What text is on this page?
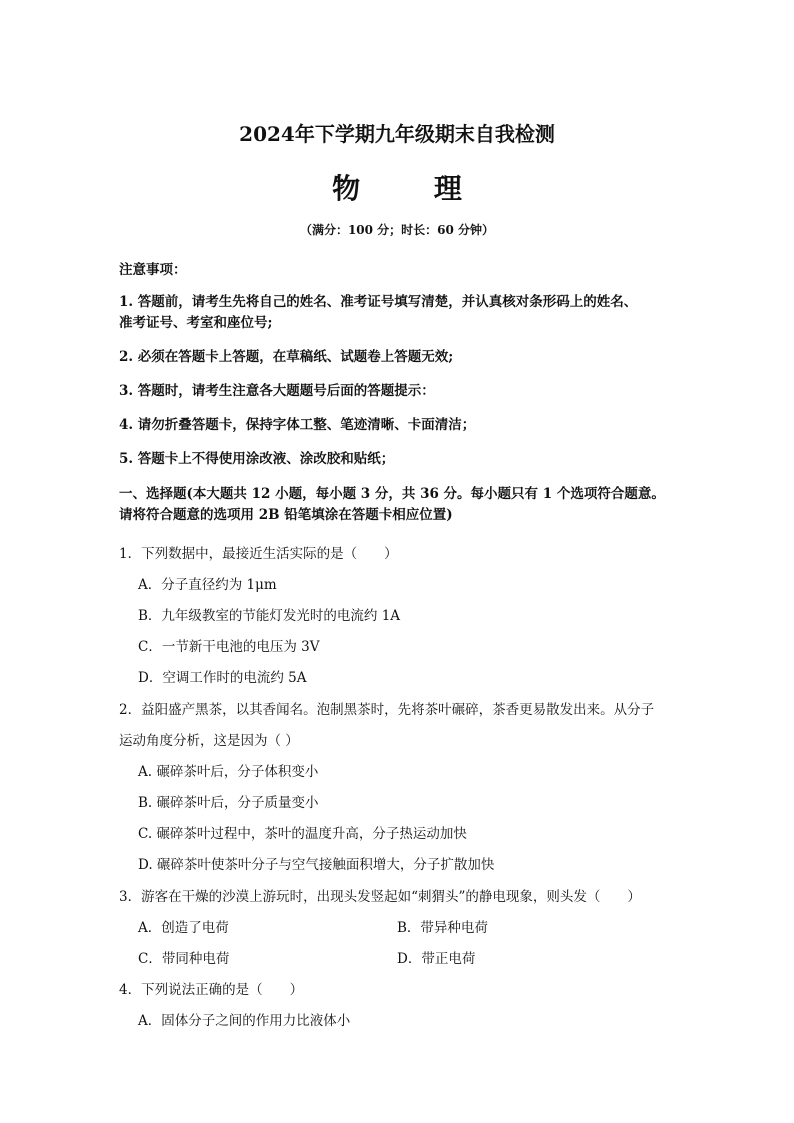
2024年下学期九年级期末自我检测
物 理
（满分：100 分；时长：60 分钟）
注意事项：
1. 答题前，请考生先将自己的姓名、准考证号填写清楚，并认真核对条形码上的姓名、
准考证号、考室和座位号;
2. 必须在答题卡上答题，在草稿纸、试题卷上答题无效;
3. 答题时，请考生注意各大题题号后面的答题提示：
4. 请勿折叠答题卡，保持字体工整、笔迹清晰、卡面清洁；
5. 答题卡上不得使用涂改液、涂改胶和贴纸；
一、选择题(本大题共 12 小题，每小题 3 分，共 36 分。每小题只有 1 个选项符合题意。
请将符合题意的选项用 2B 铅笔填涂在答题卡相应位置)
1．下列数据中，最接近生活实际的是（　　）
A．分子直径约为 1μm
B．九年级教室的节能灯发光时的电流约 1A
C．一节新干电池的电压为 3V
D．空调工作时的电流约 5A
2．益阳盛产黑茶，以其香闻名。泡制黑茶时，先将茶叶碾碎，茶香更易散发出来。从分子
运动角度分析，这是因为（ ）
A. 碾碎茶叶后，分子体积变小
B. 碾碎茶叶后，分子质量变小
C. 碾碎茶叶过程中，茶叶的温度升高，分子热运动加快
D. 碾碎茶叶使茶叶分子与空气接触面积增大，分子扩散加快
3．游客在干燥的沙漠上游玩时，出现头发竖起如“刺猬头”的静电现象，则头发（　　）
A．创造了电荷	B．带异种电荷
C．带同种电荷	D．带正电荷
4．下列说法正确的是（　　）
A．固体分子之间的作用力比液体小
